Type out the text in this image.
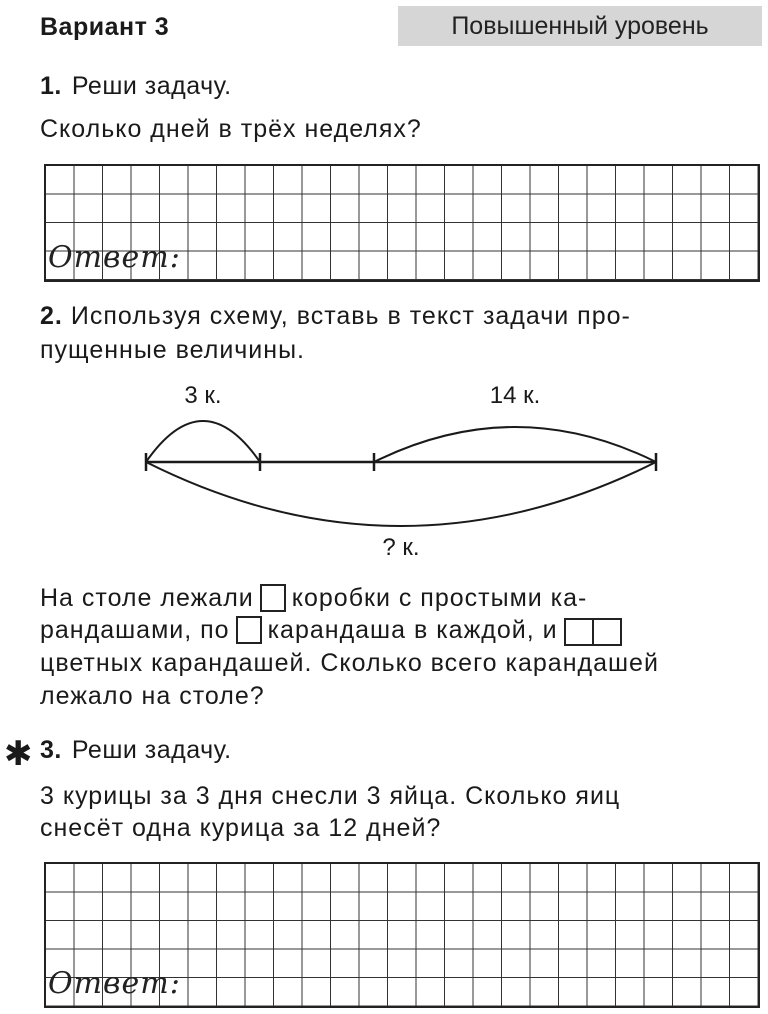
Вариант 3	Повышенный уровень
1. Реши задачу.
Сколько дней в трёх неделях?
Ответ:
2. Используя схему, вставь в текст задачи про-
пущенные величины.
3 к.	14 к.
? к.
На столе лежали коробки с простыми ка-
рандашами, по карандаша в каждой, и
цветных карандашей. Сколько всего карандашей
лежало на столе?
✱ 3. Реши задачу.
3 курицы за 3 дня снесли 3 яйца. Сколько яиц
снесёт одна курица за 12 дней?
Ответ:
